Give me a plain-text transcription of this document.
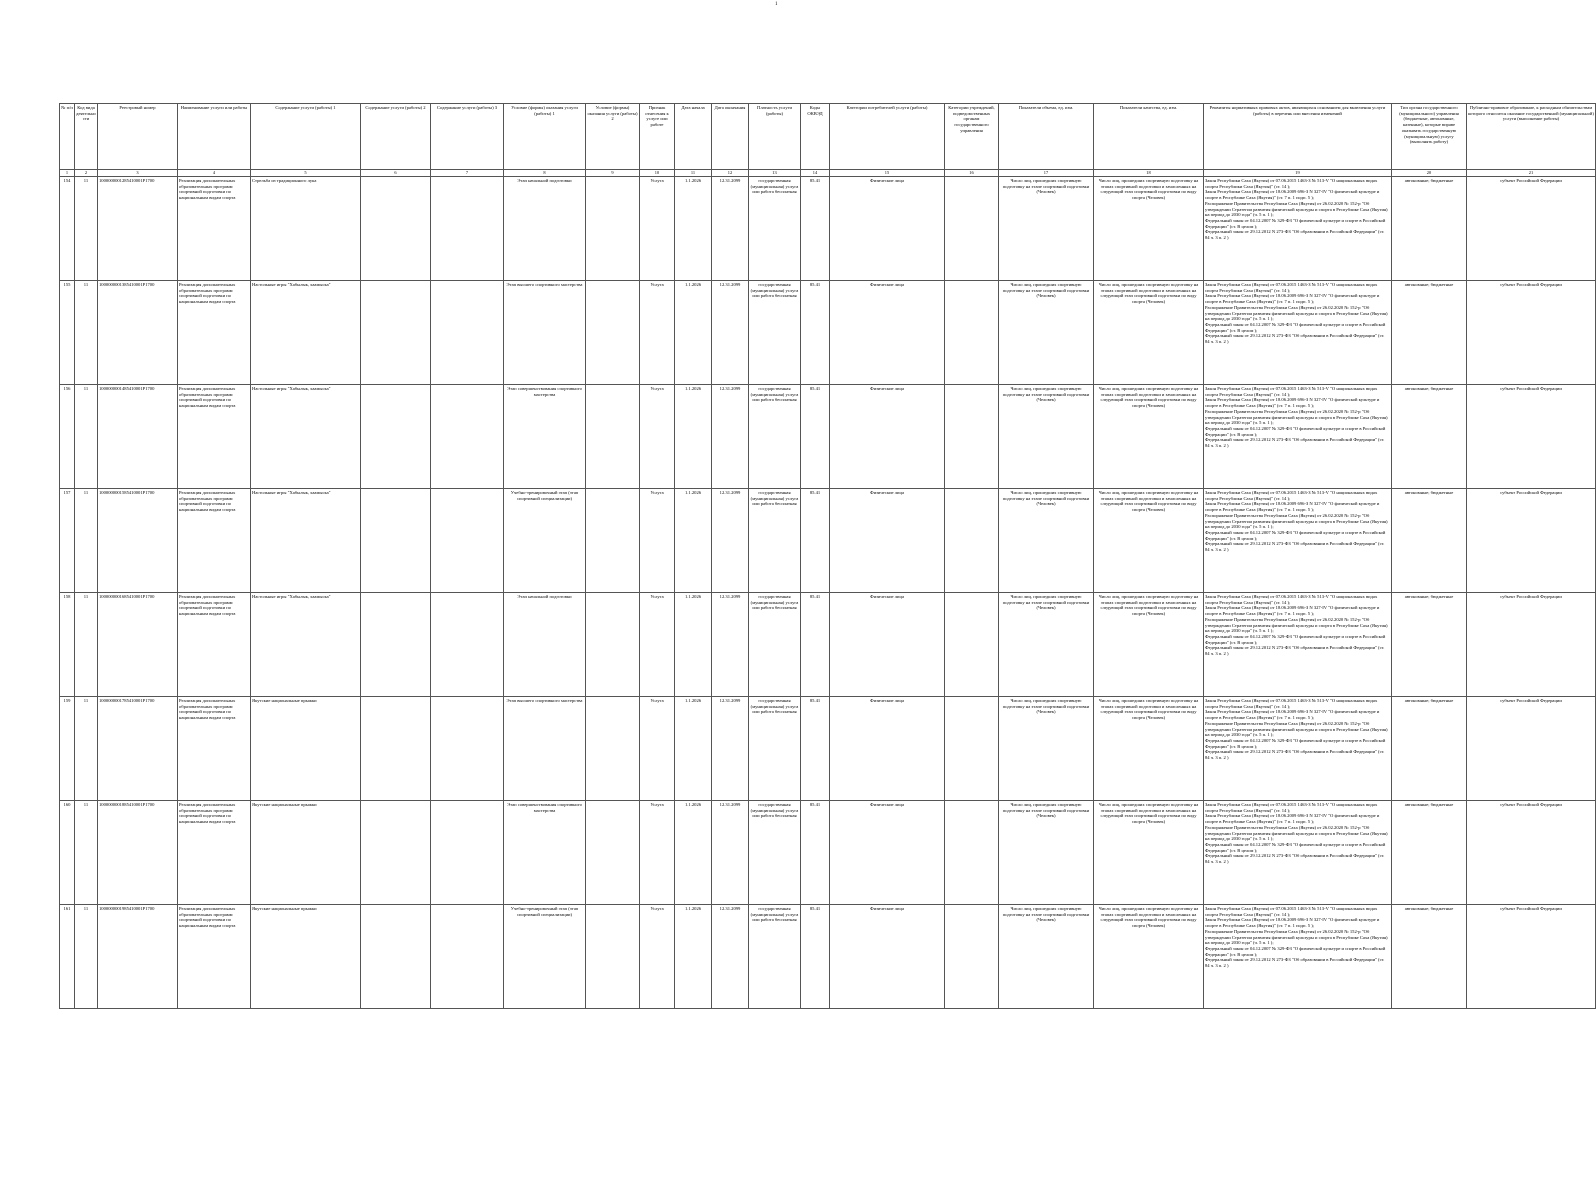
1
№ п/п	Код вида деятельности	Реестровый номер	Наименование услуги или работы	Содержание услуги (работы) 1	Содержание услуги (работы) 2	Содержание услуги (работы) 3	Условие (формы) оказания услуги (работы) 1	Условие (формы) оказания услуги (работы) 2	Признак отнесения к услуге или работе	Дата начала	Дата окончания	Платность услуги (работы)	Коды ОКВЭД	Категории потребителей услуги (работы)	Категории учреждений, подведомственных органам государственного управления	Показатели объема, ед. изм.	Показатели качества, ед. изм.	Реквизиты нормативных правовых актов, являющихся основанием для включения услуги (работы) в перечень или внесения изменений	Тип органа государственного (муниципального) управления (бюджетные, автономные, казенные), которые вправе оказывать государственную (муниципальную) услугу (выполнять работу)	Публично-правовое образование, к расходным обязательствам которого относится оказание государственной (муниципальной) услуги (выполнение работы)
1	2	3	4	5	6	7	8	9	10	11	12	13	14	15	16	17	18	19	20	21
154	11	1000000001285410001P1700	Реализация дополнительных образовательных программ спортивной подготовки по национальным видам спорта	Стрельба из традиционного лука			Этап начальной подготовки		Услуга	1.1.2026	12.31.2099	государственная (муниципальная) услуга или работа бесплатная	85.41	Физические лица		Число лиц, прошедших спортивную подготовку на этапе спортивной подготовки (Человек)	Число лиц, прошедших спортивную подготовку на этапах спортивной подготовки и зачисленных на следующий этап спортивной подготовки по виду спорта (Человек)	Закон Республики Саха (Якутия) от 07.06.2015 1463-З № 513-V "О национальных видах спорта Республики Саха (Якутия)" (ст. 14 );
Закон Республики Саха (Якутия) от 18.06.2009 696-З N 327-IV "О физической культуре и спорте в Республике Саха (Якутия)" (ст. 7 п. 1 подп. 5 );
Распоряжение Правительства Республики Саха (Якутия) от 26.02.2020 № 152-р "Об утверждении Стратегии развития физической культуры и спорта в Республике Саха (Якутия) на период до 2030 года" (ч. 5 п. 1 );
Федеральный закон от 04.12.2007 № 329-ФЗ "О физической культуре и спорте в Российской Федерации" (ст. В целом );
Федеральный закон от 29.12.2012 N 273-ФЗ "Об образовании в Российской Федерации" (ст. 84 ч. 3 п. 2 )	автономные; бюджетные	субъект Российской Федерации
155	11	1000000001385410001P1700	Реализация дополнительных образовательных программ спортивной подготовки по национальным видам спорта	Настольные игры "Хабылык, хаамыска"			Этап высшего спортивного мастерства		Услуга	1.1.2026	12.31.2099	государственная (муниципальная) услуга или работа бесплатная	85.41	Физические лица		Число лиц, прошедших спортивную подготовку на этапе спортивной подготовки (Человек)	Число лиц, прошедших спортивную подготовку на этапах спортивной подготовки и зачисленных на следующий этап спортивной подготовки по виду спорта (Человек)	Закон Республики Саха (Якутия) от 07.06.2015 1463-З № 513-V "О национальных видах спорта Республики Саха (Якутия)" (ст. 14 );
Закон Республики Саха (Якутия) от 18.06.2009 696-З N 327-IV "О физической культуре и спорте в Республике Саха (Якутия)" (ст. 7 п. 1 подп. 5 );
Распоряжение Правительства Республики Саха (Якутия) от 26.02.2020 № 152-р "Об утверждении Стратегии развития физической культуры и спорта в Республике Саха (Якутия) на период до 2030 года" (ч. 5 п. 1 );
Федеральный закон от 04.12.2007 № 329-ФЗ "О физической культуре и спорте в Российской Федерации" (ст. В целом );
Федеральный закон от 29.12.2012 N 273-ФЗ "Об образовании в Российской Федерации" (ст. 84 ч. 3 п. 2 )	автономные; бюджетные	субъект Российской Федерации
156	11	1000000001485410001P1700	Реализация дополнительных образовательных программ спортивной подготовки по национальным видам спорта	Настольные игры "Хабылык, хаамыска"			Этап совершенствования спортивного мастерства		Услуга	1.1.2026	12.31.2099	государственная (муниципальная) услуга или работа бесплатная	85.41	Физические лица		Число лиц, прошедших спортивную подготовку на этапе спортивной подготовки (Человек)	Число лиц, прошедших спортивную подготовку на этапах спортивной подготовки и зачисленных на следующий этап спортивной подготовки по виду спорта (Человек)	Закон Республики Саха (Якутия) от 07.06.2015 1463-З № 513-V "О национальных видах спорта Республики Саха (Якутия)" (ст. 14 );
Закон Республики Саха (Якутия) от 18.06.2009 696-З N 327-IV "О физической культуре и спорте в Республике Саха (Якутия)" (ст. 7 п. 1 подп. 5 );
Распоряжение Правительства Республики Саха (Якутия) от 26.02.2020 № 152-р "Об утверждении Стратегии развития физической культуры и спорта в Республике Саха (Якутия) на период до 2030 года" (ч. 5 п. 1 );
Федеральный закон от 04.12.2007 № 329-ФЗ "О физической культуре и спорте в Российской Федерации" (ст. В целом );
Федеральный закон от 29.12.2012 N 273-ФЗ "Об образовании в Российской Федерации" (ст. 84 ч. 3 п. 2 )	автономные; бюджетные	субъект Российской Федерации
157	11	1000000001585410001P1700	Реализация дополнительных образовательных программ спортивной подготовки по национальным видам спорта	Настольные игры "Хабылык, хаамыска"			Учебно-тренировочный этап (этап спортивной специализации)		Услуга	1.1.2026	12.31.2099	государственная (муниципальная) услуга или работа бесплатная	85.41	Физические лица		Число лиц, прошедших спортивную подготовку на этапе спортивной подготовки (Человек)	Число лиц, прошедших спортивную подготовку на этапах спортивной подготовки и зачисленных на следующий этап спортивной подготовки по виду спорта (Человек)	Закон Республики Саха (Якутия) от 07.06.2015 1463-З № 513-V "О национальных видах спорта Республики Саха (Якутия)" (ст. 14 );
Закон Республики Саха (Якутия) от 18.06.2009 696-З N 327-IV "О физической культуре и спорте в Республике Саха (Якутия)" (ст. 7 п. 1 подп. 5 );
Распоряжение Правительства Республики Саха (Якутия) от 26.02.2020 № 152-р "Об утверждении Стратегии развития физической культуры и спорта в Республике Саха (Якутия) на период до 2030 года" (ч. 5 п. 1 );
Федеральный закон от 04.12.2007 № 329-ФЗ "О физической культуре и спорте в Российской Федерации" (ст. В целом );
Федеральный закон от 29.12.2012 N 273-ФЗ "Об образовании в Российской Федерации" (ст. 84 ч. 3 п. 2 )	автономные; бюджетные	субъект Российской Федерации
158	11	1000000001685410001P1700	Реализация дополнительных образовательных программ спортивной подготовки по национальным видам спорта	Настольные игры "Хабылык, хаамыска"			Этап начальной подготовки		Услуга	1.1.2026	12.31.2099	государственная (муниципальная) услуга или работа бесплатная	85.41	Физические лица		Число лиц, прошедших спортивную подготовку на этапе спортивной подготовки (Человек)	Число лиц, прошедших спортивную подготовку на этапах спортивной подготовки и зачисленных на следующий этап спортивной подготовки по виду спорта (Человек)	Закон Республики Саха (Якутия) от 07.06.2015 1463-З № 513-V "О национальных видах спорта Республики Саха (Якутия)" (ст. 14 );
Закон Республики Саха (Якутия) от 18.06.2009 696-З N 327-IV "О физической культуре и спорте в Республике Саха (Якутия)" (ст. 7 п. 1 подп. 5 );
Распоряжение Правительства Республики Саха (Якутия) от 26.02.2020 № 152-р "Об утверждении Стратегии развития физической культуры и спорта в Республике Саха (Якутия) на период до 2030 года" (ч. 5 п. 1 );
Федеральный закон от 04.12.2007 № 329-ФЗ "О физической культуре и спорте в Российской Федерации" (ст. В целом );
Федеральный закон от 29.12.2012 N 273-ФЗ "Об образовании в Российской Федерации" (ст. 84 ч. 3 п. 2 )	автономные; бюджетные	субъект Российской Федерации
159	11	1000000001785410001P1700	Реализация дополнительных образовательных программ спортивной подготовки по национальным видам спорта	Якутские национальные прыжки			Этап высшего спортивного мастерства		Услуга	1.1.2026	12.31.2099	государственная (муниципальная) услуга или работа бесплатная	85.41	Физические лица		Число лиц, прошедших спортивную подготовку на этапе спортивной подготовки (Человек)	Число лиц, прошедших спортивную подготовку на этапах спортивной подготовки и зачисленных на следующий этап спортивной подготовки по виду спорта (Человек)	Закон Республики Саха (Якутия) от 07.06.2015 1463-З № 513-V "О национальных видах спорта Республики Саха (Якутия)" (ст. 14 );
Закон Республики Саха (Якутия) от 18.06.2009 696-З N 327-IV "О физической культуре и спорте в Республике Саха (Якутия)" (ст. 7 п. 1 подп. 5 );
Распоряжение Правительства Республики Саха (Якутия) от 26.02.2020 № 152-р "Об утверждении Стратегии развития физической культуры и спорта в Республике Саха (Якутия) на период до 2030 года" (ч. 5 п. 1 );
Федеральный закон от 04.12.2007 № 329-ФЗ "О физической культуре и спорте в Российской Федерации" (ст. В целом );
Федеральный закон от 29.12.2012 N 273-ФЗ "Об образовании в Российской Федерации" (ст. 84 ч. 3 п. 2 )	автономные; бюджетные	субъект Российской Федерации
160	11	1000000001885410001P1700	Реализация дополнительных образовательных программ спортивной подготовки по национальным видам спорта	Якутские национальные прыжки			Этап совершенствования спортивного мастерства		Услуга	1.1.2026	12.31.2099	государственная (муниципальная) услуга или работа бесплатная	85.41	Физические лица		Число лиц, прошедших спортивную подготовку на этапе спортивной подготовки (Человек)	Число лиц, прошедших спортивную подготовку на этапах спортивной подготовки и зачисленных на следующий этап спортивной подготовки по виду спорта (Человек)	Закон Республики Саха (Якутия) от 07.06.2015 1463-З № 513-V "О национальных видах спорта Республики Саха (Якутия)" (ст. 14 );
Закон Республики Саха (Якутия) от 18.06.2009 696-З N 327-IV "О физической культуре и спорте в Республике Саха (Якутия)" (ст. 7 п. 1 подп. 5 );
Распоряжение Правительства Республики Саха (Якутия) от 26.02.2020 № 152-р "Об утверждении Стратегии развития физической культуры и спорта в Республике Саха (Якутия) на период до 2030 года" (ч. 5 п. 1 );
Федеральный закон от 04.12.2007 № 329-ФЗ "О физической культуре и спорте в Российской Федерации" (ст. В целом );
Федеральный закон от 29.12.2012 N 273-ФЗ "Об образовании в Российской Федерации" (ст. 84 ч. 3 п. 2 )	автономные; бюджетные	субъект Российской Федерации
161	11	1000000001985410001P1700	Реализация дополнительных образовательных программ спортивной подготовки по национальным видам спорта	Якутские национальные прыжки			Учебно-тренировочный этап (этап спортивной специализации)		Услуга	1.1.2026	12.31.2099	государственная (муниципальная) услуга или работа бесплатная	85.41	Физические лица		Число лиц, прошедших спортивную подготовку на этапе спортивной подготовки (Человек)	Число лиц, прошедших спортивную подготовку на этапах спортивной подготовки и зачисленных на следующий этап спортивной подготовки по виду спорта (Человек)	Закон Республики Саха (Якутия) от 07.06.2015 1463-З № 513-V "О национальных видах спорта Республики Саха (Якутия)" (ст. 14 );
Закон Республики Саха (Якутия) от 18.06.2009 696-З N 327-IV "О физической культуре и спорте в Республике Саха (Якутия)" (ст. 7 п. 1 подп. 5 );
Распоряжение Правительства Республики Саха (Якутия) от 26.02.2020 № 152-р "Об утверждении Стратегии развития физической культуры и спорта в Республике Саха (Якутия) на период до 2030 года" (ч. 5 п. 1 );
Федеральный закон от 04.12.2007 № 329-ФЗ "О физической культуре и спорте в Российской Федерации" (ст. В целом );
Федеральный закон от 29.12.2012 N 273-ФЗ "Об образовании в Российской Федерации" (ст. 84 ч. 3 п. 2 )	автономные; бюджетные	субъект Российской Федерации
